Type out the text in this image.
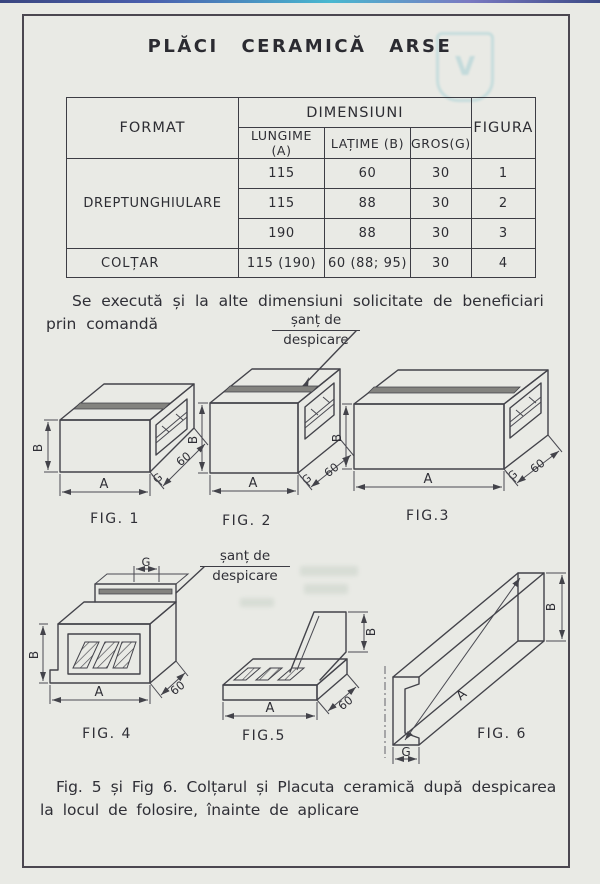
V
PLĂCI CERAMICĂ ARSE
FORMAT	DIMENSIUNI			FIGURA
	LUNGIME (A)	LAȚIME (B)	GROS(G)	
DREPTUNGHIULARE	115	60	30	1
	115	88	30	2
	190	88	30	3
COLȚAR	115 (190)	60 (88; 95)	30	4
Se execută și la alte dimensiuni solicitate de beneficiari
prin comandă	șanț de
despicare
șanț de
despicare
B
A	G
60
FIG. 1
B
A	G 60
FIG. 2
B
A	G 60
FIG.3
G
B
A	60
FIG. 4
B
A	60
FIG.5
A
B
G
FIG. 6
Fig. 5 și Fig 6. Colțarul și Placuta ceramică după despicarea
la locul de folosire, înainte de aplicare
